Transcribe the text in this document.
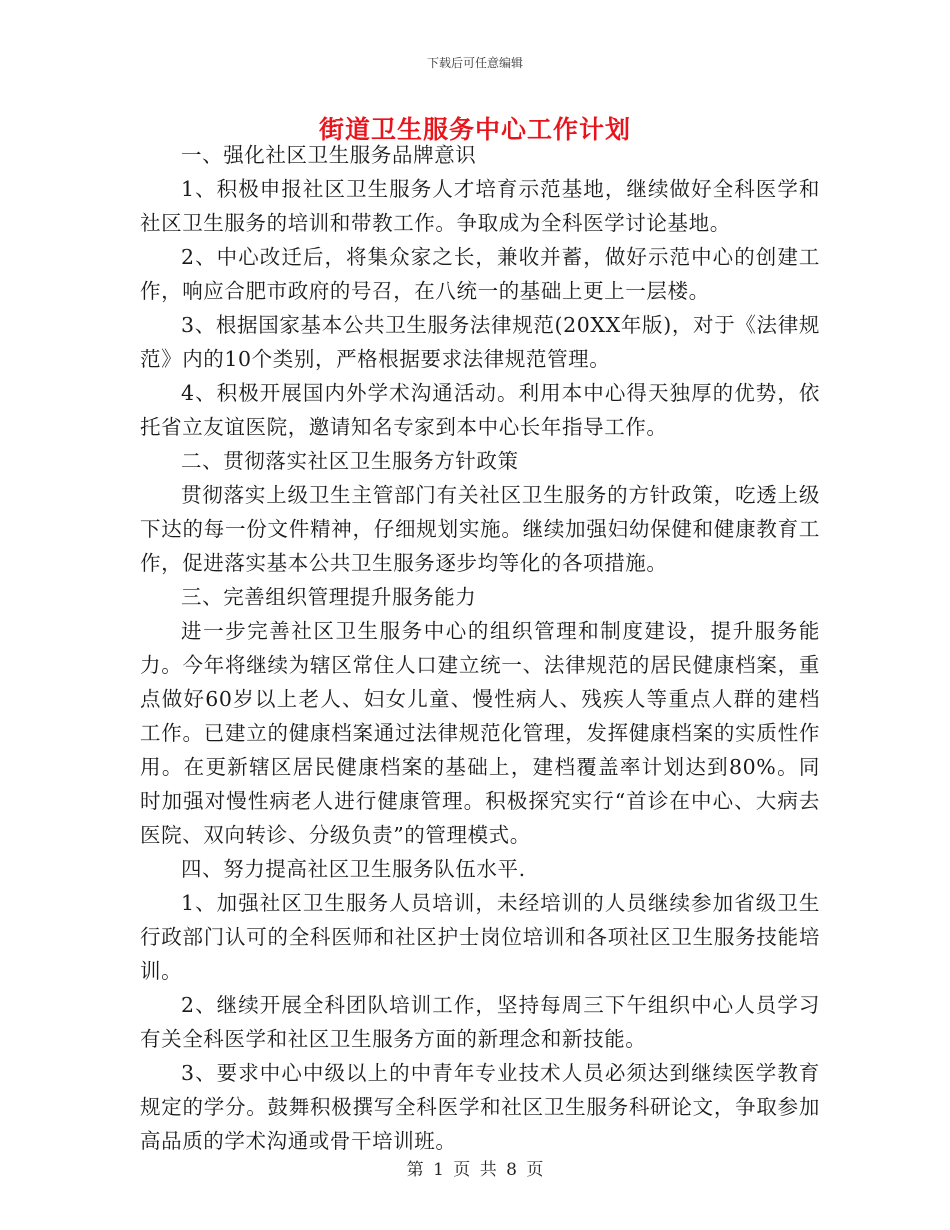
下载后可任意编辑
街道卫生服务中心工作计划

一、强化社区卫生服务品牌意识

1、积极申报社区卫生服务人才培育示范基地，继续做好全科医学和社区卫生服务的培训和带教工作。争取成为全科医学讨论基地。

2、中心改迁后，将集众家之长，兼收并蓄，做好示范中心的创建工作，响应合肥市政府的号召，在八统一的基础上更上一层楼。

3、根据国家基本公共卫生服务法律规范(20XX年版)，对于《法律规范》内的10个类别，严格根据要求法律规范管理。

4、积极开展国内外学术沟通活动。利用本中心得天独厚的优势，依托省立友谊医院，邀请知名专家到本中心长年指导工作。

二、贯彻落实社区卫生服务方针政策

贯彻落实上级卫生主管部门有关社区卫生服务的方针政策，吃透上级下达的每一份文件精神，仔细规划实施。继续加强妇幼保健和健康教育工作，促进落实基本公共卫生服务逐步均等化的各项措施。

三、完善组织管理提升服务能力

进一步完善社区卫生服务中心的组织管理和制度建设，提升服务能力。今年将继续为辖区常住人口建立统一、法律规范的居民健康档案，重点做好60岁以上老人、妇女儿童、慢性病人、残疾人等重点人群的建档工作。已建立的健康档案通过法律规范化管理，发挥健康档案的实质性作用。在更新辖区居民健康档案的基础上，建档覆盖率计划达到80%。同时加强对慢性病老人进行健康管理。积极探究实行“首诊在中心、大病去医院、双向转诊、分级负责”的管理模式。

四、努力提高社区卫生服务队伍水平.

1、加强社区卫生服务人员培训，未经培训的人员继续参加省级卫生行政部门认可的全科医师和社区护士岗位培训和各项社区卫生服务技能培训。

2、继续开展全科团队培训工作，坚持每周三下午组织中心人员学习有关全科医学和社区卫生服务方面的新理念和新技能。

3、要求中心中级以上的中青年专业技术人员必须达到继续医学教育规定的学分。鼓舞积极撰写全科医学和社区卫生服务科研论文，争取参加高品质的学术沟通或骨干培训班。

第 1 页 共 8 页
